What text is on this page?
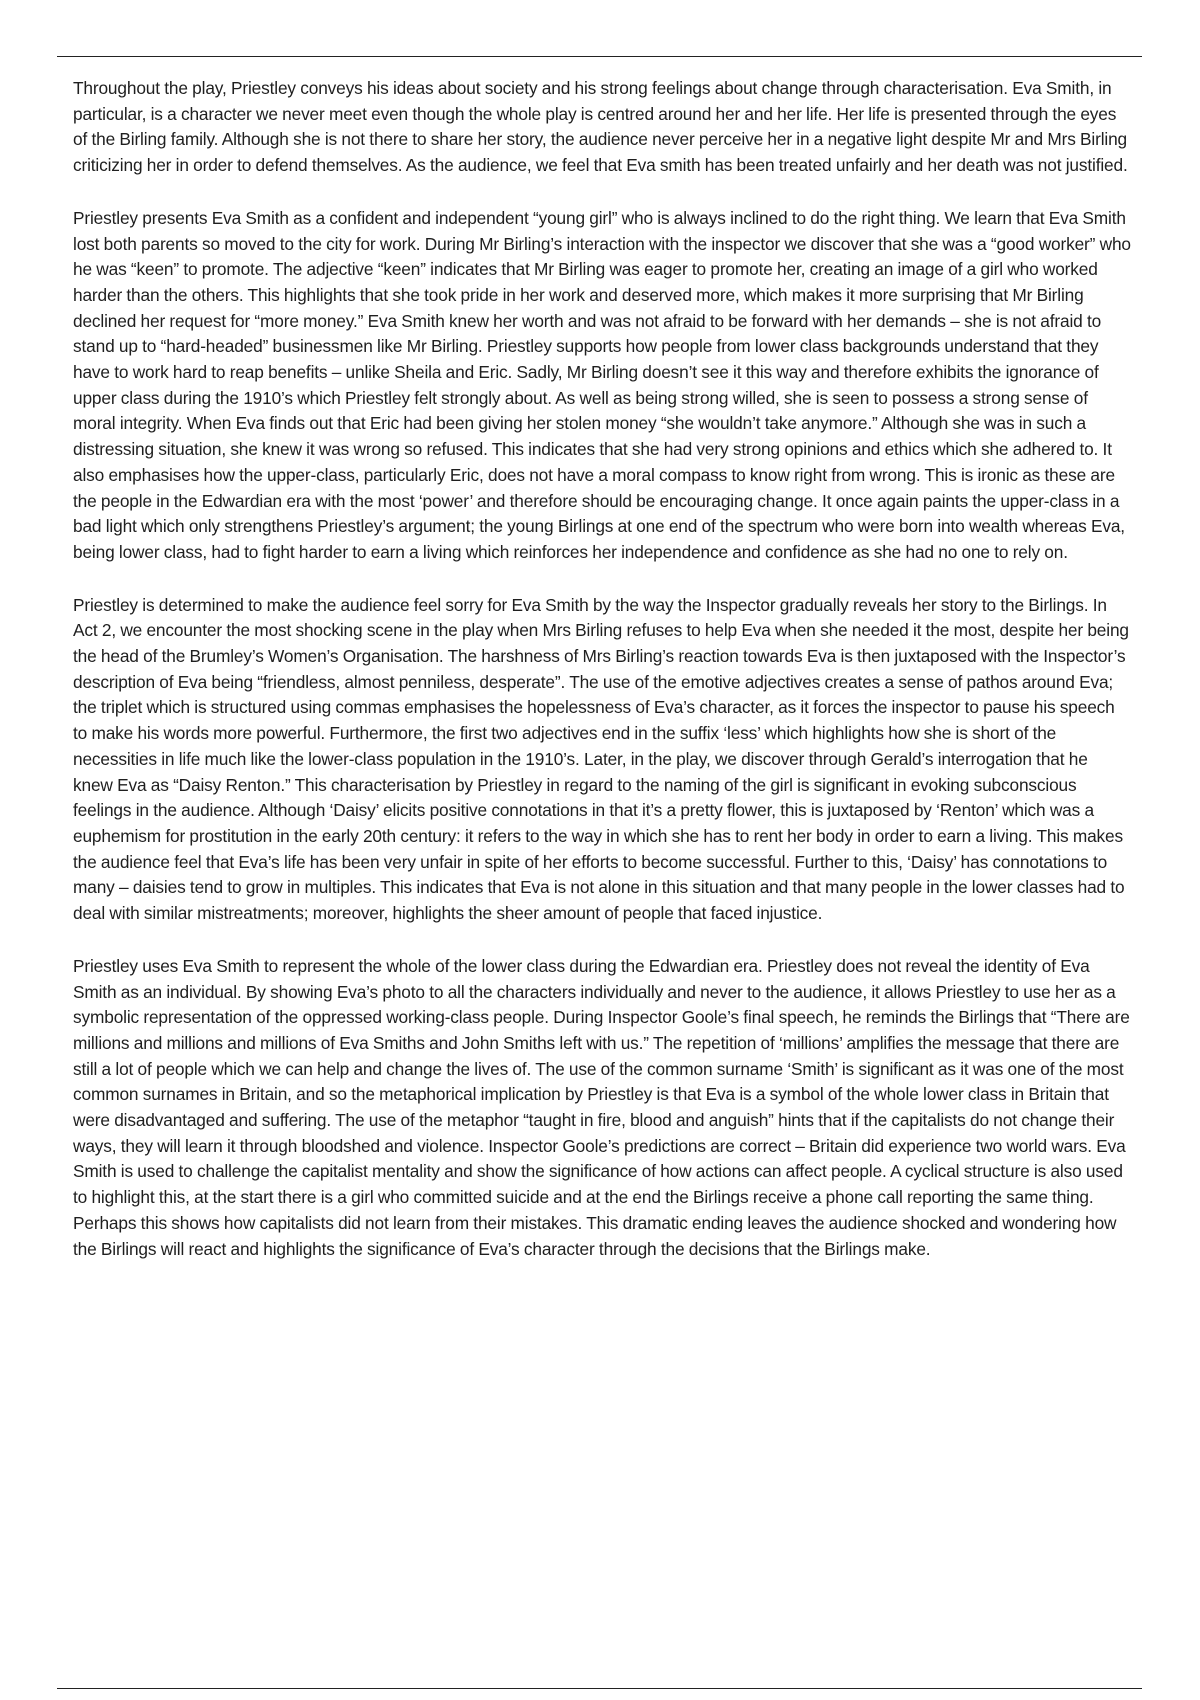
Throughout the play, Priestley conveys his ideas about society and his strong feelings about change through characterisation. Eva Smith, in particular, is a character we never meet even though the whole play is centred around her and her life. Her life is presented through the eyes of the Birling family. Although she is not there to share her story, the audience never perceive her in a negative light despite Mr and Mrs Birling criticizing her in order to defend themselves. As the audience, we feel that Eva smith has been treated unfairly and her death was not justified.

Priestley presents Eva Smith as a confident and independent “young girl” who is always inclined to do the right thing. We learn that Eva Smith lost both parents so moved to the city for work. During Mr Birling’s interaction with the inspector we discover that she was a “good worker” who he was “keen” to promote. The adjective “keen” indicates that Mr Birling was eager to promote her, creating an image of a girl who worked harder than the others. This highlights that she took pride in her work and deserved more, which makes it more surprising that Mr Birling declined her request for “more money.” Eva Smith knew her worth and was not afraid to be forward with her demands – she is not afraid to stand up to “hard-headed” businessmen like Mr Birling. Priestley supports how people from lower class backgrounds understand that they have to work hard to reap benefits – unlike Sheila and Eric. Sadly, Mr Birling doesn’t see it this way and therefore exhibits the ignorance of upper class during the 1910’s which Priestley felt strongly about. As well as being strong willed, she is seen to possess a strong sense of moral integrity. When Eva finds out that Eric had been giving her stolen money “she wouldn’t take anymore.” Although she was in such a distressing situation, she knew it was wrong so refused. This indicates that she had very strong opinions and ethics which she adhered to. It also emphasises how the upper-class, particularly Eric, does not have a moral compass to know right from wrong. This is ironic as these are the people in the Edwardian era with the most ‘power’ and therefore should be encouraging change. It once again paints the upper-class in a bad light which only strengthens Priestley’s argument; the young Birlings at one end of the spectrum who were born into wealth whereas Eva, being lower class, had to fight harder to earn a living which reinforces her independence and confidence as she had no one to rely on.

Priestley is determined to make the audience feel sorry for Eva Smith by the way the Inspector gradually reveals her story to the Birlings. In Act 2, we encounter the most shocking scene in the play when Mrs Birling refuses to help Eva when she needed it the most, despite her being the head of the Brumley’s Women’s Organisation. The harshness of Mrs Birling’s reaction towards Eva is then juxtaposed with the Inspector’s description of Eva being “friendless, almost penniless, desperate”. The use of the emotive adjectives creates a sense of pathos around Eva; the triplet which is structured using commas emphasises the hopelessness of Eva’s character, as it forces the inspector to pause his speech to make his words more powerful. Furthermore, the first two adjectives end in the suffix ‘less’ which highlights how she is short of the necessities in life much like the lower-class population in the 1910’s. Later, in the play, we discover through Gerald’s interrogation that he knew Eva as “Daisy Renton.” This characterisation by Priestley in regard to the naming of the girl is significant in evoking subconscious feelings in the audience. Although ‘Daisy’ elicits positive connotations in that it’s a pretty flower, this is juxtaposed by ‘Renton’ which was a euphemism for prostitution in the early 20th century: it refers to the way in which she has to rent her body in order to earn a living. This makes the audience feel that Eva’s life has been very unfair in spite of her efforts to become successful. Further to this, ‘Daisy’ has connotations to many – daisies tend to grow in multiples. This indicates that Eva is not alone in this situation and that many people in the lower classes had to deal with similar mistreatments; moreover, highlights the sheer amount of people that faced injustice.

Priestley uses Eva Smith to represent the whole of the lower class during the Edwardian era. Priestley does not reveal the identity of Eva Smith as an individual. By showing Eva’s photo to all the characters individually and never to the audience, it allows Priestley to use her as a symbolic representation of the oppressed working-class people. During Inspector Goole’s final speech, he reminds the Birlings that “There are millions and millions and millions of Eva Smiths and John Smiths left with us.” The repetition of ‘millions’ amplifies the message that there are still a lot of people which we can help and change the lives of. The use of the common surname ‘Smith’ is significant as it was one of the most common surnames in Britain, and so the metaphorical implication by Priestley is that Eva is a symbol of the whole lower class in Britain that were disadvantaged and suffering. The use of the metaphor “taught in fire, blood and anguish” hints that if the capitalists do not change their ways, they will learn it through bloodshed and violence. Inspector Goole’s predictions are correct – Britain did experience two world wars. Eva Smith is used to challenge the capitalist mentality and show the significance of how actions can affect people. A cyclical structure is also used to highlight this, at the start there is a girl who committed suicide and at the end the Birlings receive a phone call reporting the same thing. Perhaps this shows how capitalists did not learn from their mistakes. This dramatic ending leaves the audience shocked and wondering how the Birlings will react and highlights the significance of Eva’s character through the decisions that the Birlings make.
